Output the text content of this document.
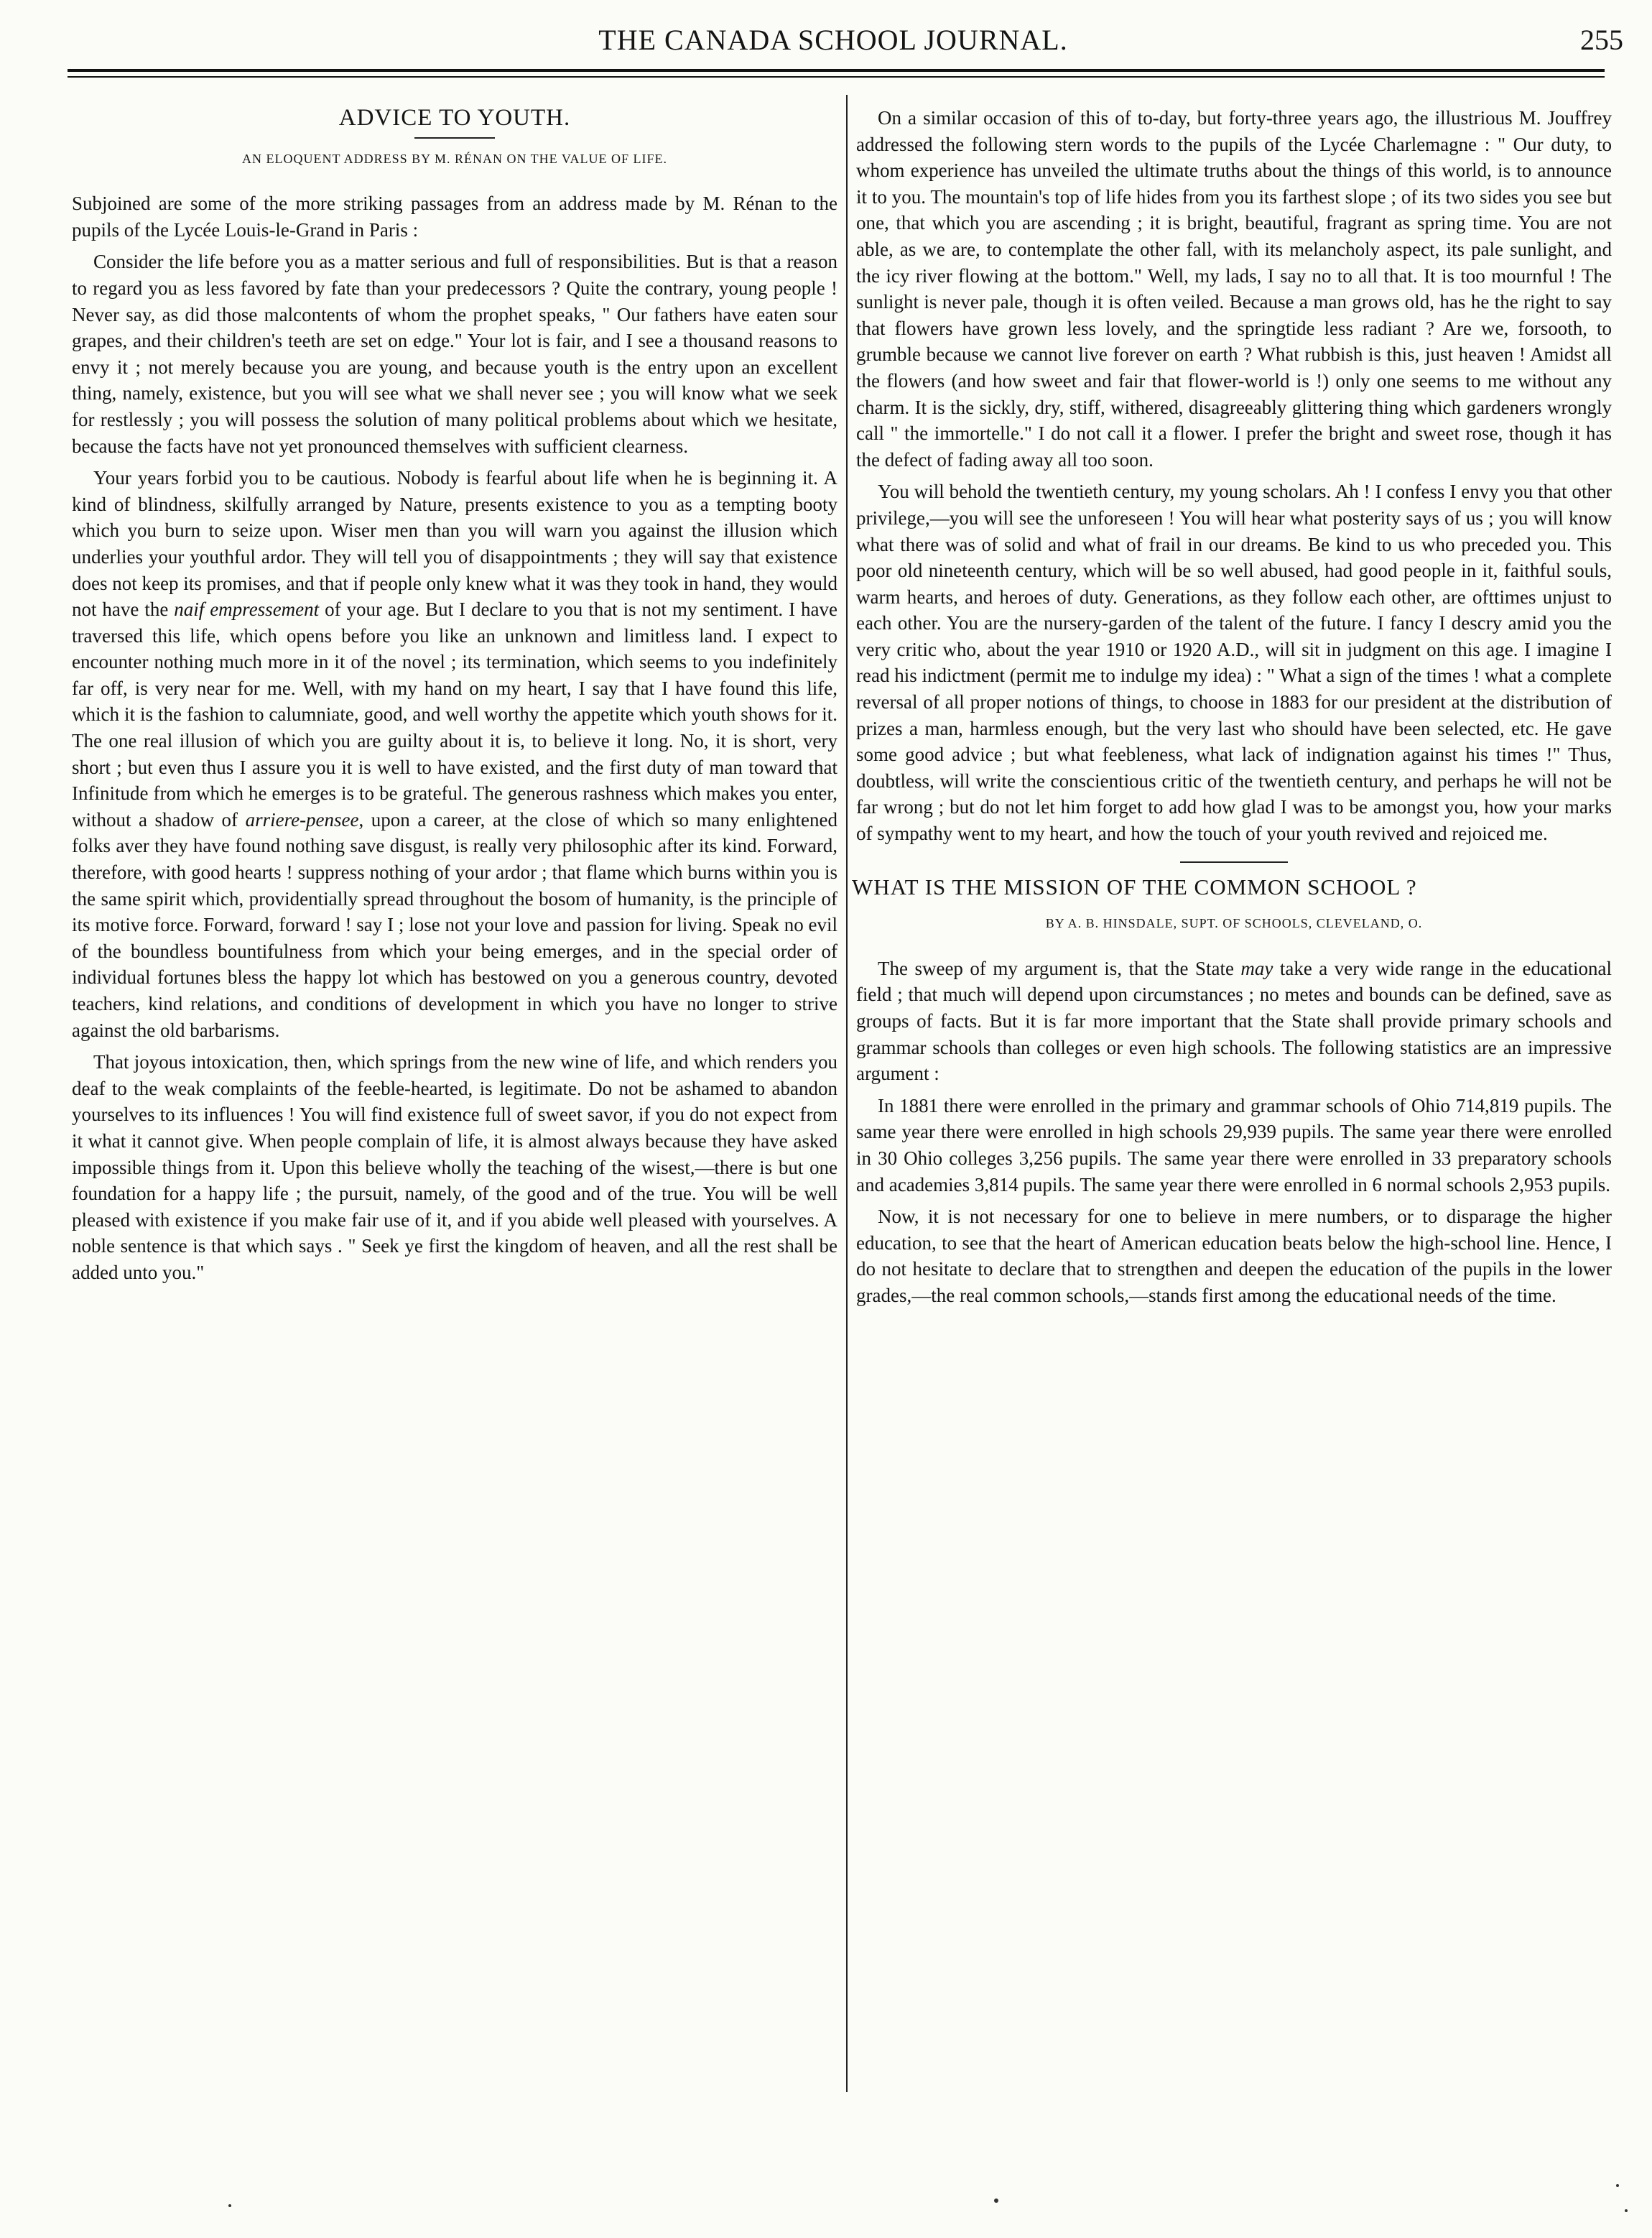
THE CANADA SCHOOL JOURNAL.	255
ADVICE TO YOUTH.
AN ELOQUENT ADDRESS BY M. RÉNAN ON THE VALUE OF LIFE.

Subjoined are some of the more striking passages from an address made by M. Rénan to the pupils of the Lycée Louis-le-Grand in Paris :

Consider the life before you as a matter serious and full of responsibilities. But is that a reason to regard you as less favored by fate than your predecessors ? Quite the contrary, young people ! Never say, as did those malcontents of whom the prophet speaks, " Our fathers have eaten sour grapes, and their children's teeth are set on edge." Your lot is fair, and I see a thousand reasons to envy it ; not merely because you are young, and because youth is the entry upon an excellent thing, namely, existence, but you will see what we shall never see ; you will know what we seek for restlessly ; you will possess the solution of many political problems about which we hesitate, because the facts have not yet pronounced themselves with sufficient clearness.

Your years forbid you to be cautious. Nobody is fearful about life when he is beginning it. A kind of blindness, skilfully arranged by Nature, presents existence to you as a tempting booty which you burn to seize upon. Wiser men than you will warn you against the illusion which underlies your youthful ardor. They will tell you of disappointments ; they will say that existence does not keep its promises, and that if people only knew what it was they took in hand, they would not have the naif empressement of your age. But I declare to you that is not my sentiment. I have traversed this life, which opens before you like an unknown and limitless land. I expect to encounter nothing much more in it of the novel ; its termination, which seems to you indefinitely far off, is very near for me. Well, with my hand on my heart, I say that I have found this life, which it is the fashion to calumniate, good, and well worthy the appetite which youth shows for it. The one real illusion of which you are guilty about it is, to believe it long. No, it is short, very short ; but even thus I assure you it is well to have existed, and the first duty of man toward that Infinitude from which he emerges is to be grateful. The generous rashness which makes you enter, without a shadow of arriere-pensee, upon a career, at the close of which so many enlightened folks aver they have found nothing save disgust, is really very philosophic after its kind. Forward, therefore, with good hearts ! suppress nothing of your ardor ; that flame which burns within you is the same spirit which, providentially spread throughout the bosom of humanity, is the principle of its motive force. Forward, forward ! say I ; lose not your love and passion for living. Speak no evil of the boundless bountifulness from which your being emerges, and in the special order of individual fortunes bless the happy lot which has bestowed on you a generous country, devoted teachers, kind relations, and conditions of development in which you have no longer to strive against the old barbarisms.

That joyous intoxication, then, which springs from the new wine of life, and which renders you deaf to the weak complaints of the feeble-hearted, is legitimate. Do not be ashamed to abandon yourselves to its influences ! You will find existence full of sweet savor, if you do not expect from it what it cannot give. When people complain of life, it is almost always because they have asked impossible things from it. Upon this believe wholly the teaching of the wisest,—there is but one foundation for a happy life ; the pursuit, namely, of the good and of the true. You will be well pleased with existence if you make fair use of it, and if you abide well pleased with yourselves. A noble sentence is that which says . " Seek ye first the kingdom of heaven, and all the rest shall be added unto you."

On a similar occasion of this of to-day, but forty-three years ago, the illustrious M. Jouffrey addressed the following stern words to the pupils of the Lycée Charlemagne : " Our duty, to whom experience has unveiled the ultimate truths about the things of this world, is to announce it to you. The mountain's top of life hides from you its farthest slope ; of its two sides you see but one, that which you are ascending ; it is bright, beautiful, fragrant as spring time. You are not able, as we are, to contemplate the other fall, with its melancholy aspect, its pale sunlight, and the icy river flowing at the bottom." Well, my lads, I say no to all that. It is too mournful ! The sunlight is never pale, though it is often veiled. Because a man grows old, has he the right to say that flowers have grown less lovely, and the springtide less radiant ? Are we, forsooth, to grumble because we cannot live forever on earth ? What rubbish is this, just heaven ! Amidst all the flowers (and how sweet and fair that flower-world is !) only one seems to me without any charm. It is the sickly, dry, stiff, withered, disagreeably glittering thing which gardeners wrongly call " the immortelle." I do not call it a flower. I prefer the bright and sweet rose, though it has the defect of fading away all too soon.

You will behold the twentieth century, my young scholars. Ah ! I confess I envy you that other privilege,—you will see the unforeseen ! You will hear what posterity says of us ; you will know what there was of solid and what of frail in our dreams. Be kind to us who preceded you. This poor old nineteenth century, which will be so well abused, had good people in it, faithful souls, warm hearts, and heroes of duty. Generations, as they follow each other, are ofttimes unjust to each other. You are the nursery-garden of the talent of the future. I fancy I descry amid you the very critic who, about the year 1910 or 1920 A.D., will sit in judgment on this age. I imagine I read his indictment (permit me to indulge my idea) : " What a sign of the times ! what a complete reversal of all proper notions of things, to choose in 1883 for our president at the distribution of prizes a man, harmless enough, but the very last who should have been selected, etc. He gave some good advice ; but what feebleness, what lack of indignation against his times !" Thus, doubtless, will write the conscientious critic of the twentieth century, and perhaps he will not be far wrong ; but do not let him forget to add how glad I was to be amongst you, how your marks of sympathy went to my heart, and how the touch of your youth revived and rejoiced me.

WHAT IS THE MISSION OF THE COMMON SCHOOL ?
BY A. B. HINSDALE, SUPT. OF SCHOOLS, CLEVELAND, O.

The sweep of my argument is, that the State may take a very wide range in the educational field ; that much will depend upon circumstances ; no metes and bounds can be defined, save as groups of facts. But it is far more important that the State shall provide primary schools and grammar schools than colleges or even high schools. The following statistics are an impressive argument :

In 1881 there were enrolled in the primary and grammar schools of Ohio 714,819 pupils. The same year there were enrolled in high schools 29,939 pupils. The same year there were enrolled in 30 Ohio colleges 3,256 pupils. The same year there were enrolled in 33 preparatory schools and academies 3,814 pupils. The same year there were enrolled in 6 normal schools 2,953 pupils.

Now, it is not necessary for one to believe in mere numbers, or to disparage the higher education, to see that the heart of American education beats below the high-school line. Hence, I do not hesitate to declare that to strengthen and deepen the education of the pupils in the lower grades,—the real common schools,—stands first among the educational needs of the time.
